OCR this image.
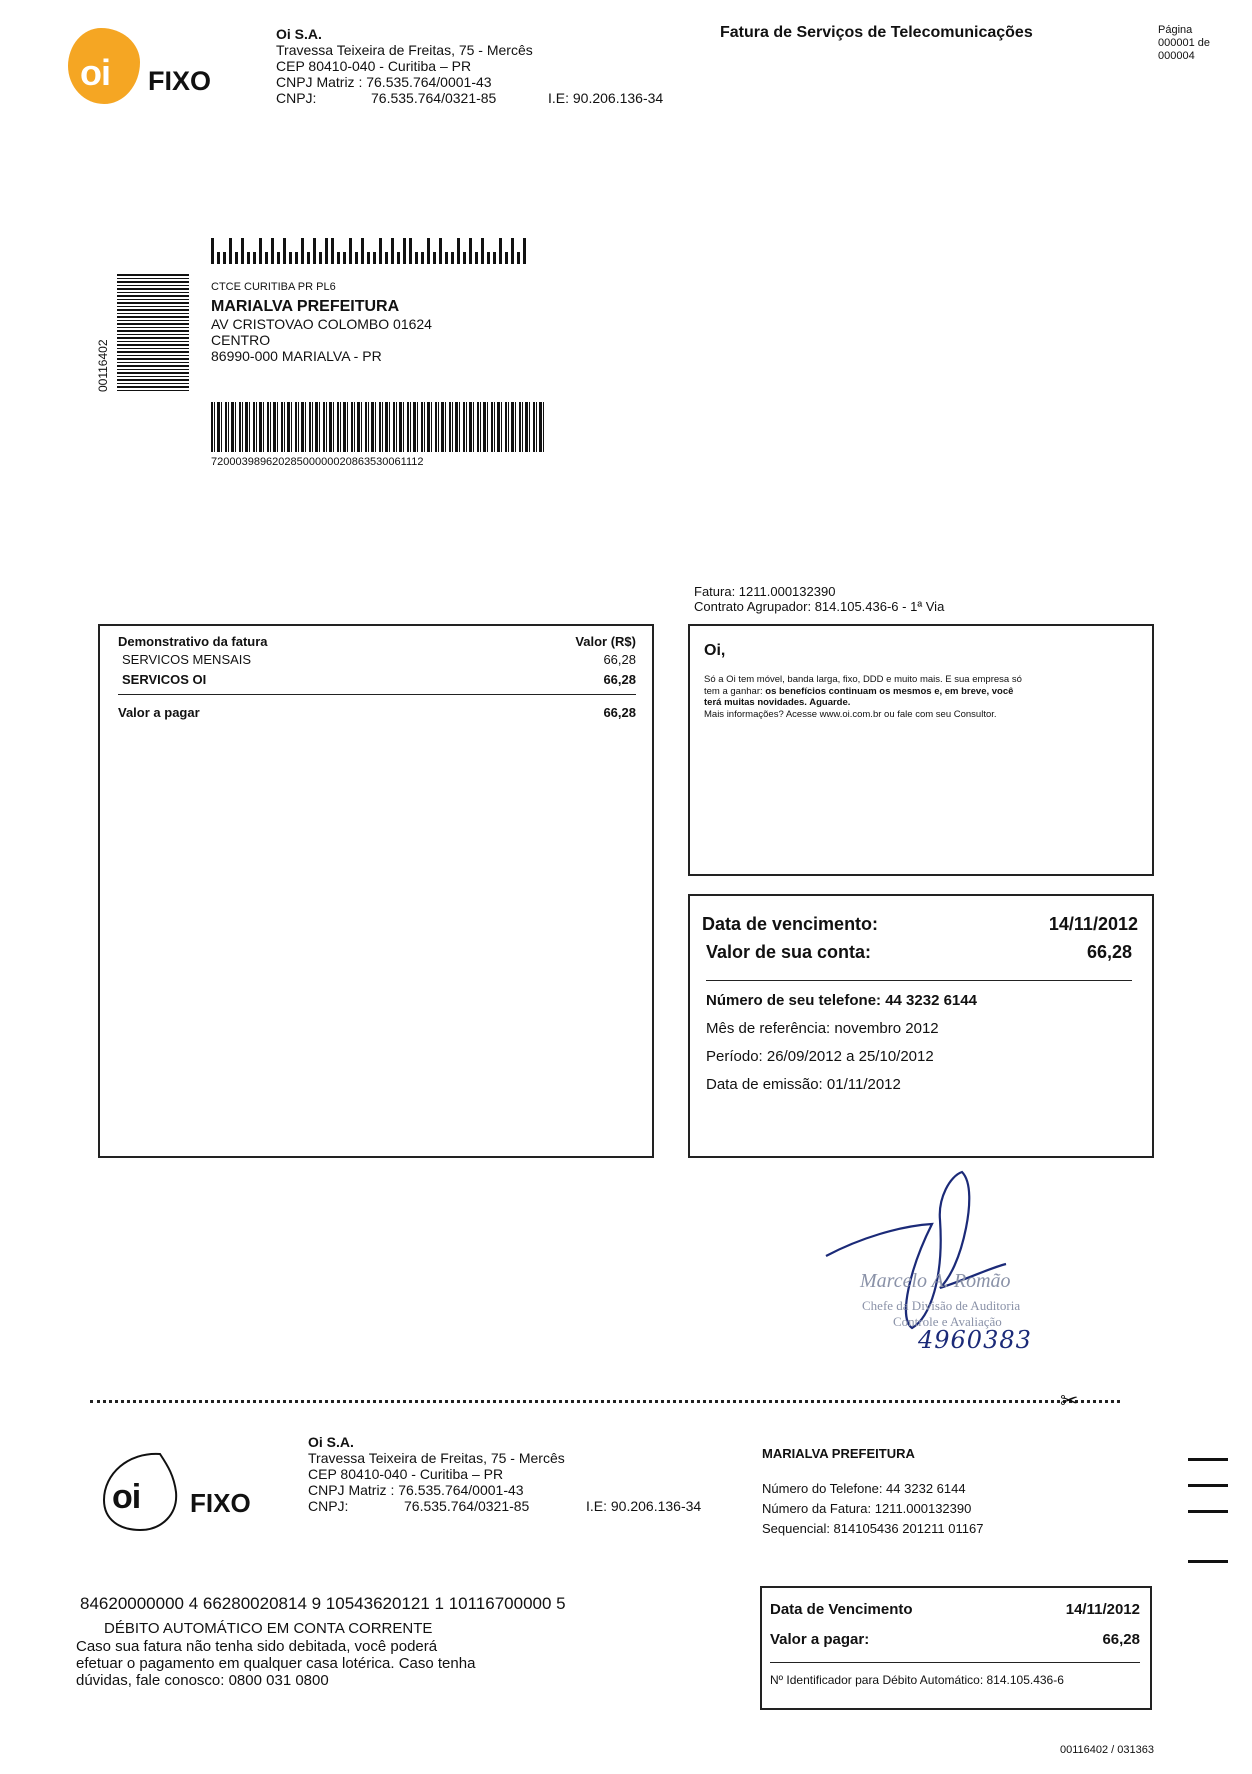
oi FIXO
Oi S.A.
Travessa Teixeira de Freitas, 75 - Mercês
CEP 80410-040 - Curitiba – PR
CNPJ Matriz : 76.535.764/0001-43
CNPJ:	76.535.764/0321-85	I.E: 90.206.136-34
Fatura de Serviços de Telecomunicações	Página
000001 de
000004
00116402
CTCE CURITIBA PR PL6
MARIALVA PREFEITURA
AV CRISTOVAO COLOMBO 01624
CENTRO
86990-000 MARIALVA - PR
72000398962028500000020863530061112
Fatura: 1211.000132390
Contrato Agrupador: 814.105.436-6 - 1ª Via
Demonstrativo da fatura	Valor (R$)
SERVICOS MENSAIS	66,28
SERVICOS OI	66,28
Valor a pagar	66,28
Oi,
Só a Oi tem móvel, banda larga, fixo, DDD e muito mais. E sua empresa só
tem a ganhar: os benefícios continuam os mesmos e, em breve, você
terá muitas novidades. Aguarde.
Mais informações? Acesse www.oi.com.br ou fale com seu Consultor.
Data de vencimento:	14/11/2012
Valor de sua conta:	66,28
Número de seu telefone: 44 3232 6144
Mês de referência: novembro 2012
Período: 26/09/2012 a 25/10/2012
Data de emissão: 01/11/2012
Marcelo A. Romão
Chefe da Divisão de Auditoria
Controle e Avaliação
4960383
✂
oi FIXO
Oi S.A.
Travessa Teixeira de Freitas, 75 - Mercês
CEP 80410-040 - Curitiba – PR
CNPJ Matriz : 76.535.764/0001-43
CNPJ:	76.535.764/0321-85	I.E: 90.206.136-34
MARIALVA PREFEITURA
Número do Telefone: 44 3232 6144
Número da Fatura: 1211.000132390
Sequencial: 814105436 201211 01167
84620000000 4 66280020814 9 10543620121 1 10116700000 5
DÉBITO AUTOMÁTICO EM CONTA CORRENTE
Caso sua fatura não tenha sido debitada, você poderá
efetuar o pagamento em qualquer casa lotérica. Caso tenha
dúvidas, fale conosco: 0800 031 0800
Data de Vencimento	14/11/2012
Valor a pagar:	66,28
Nº Identificador para Débito Automático: 814.105.436-6
00116402 / 031363
